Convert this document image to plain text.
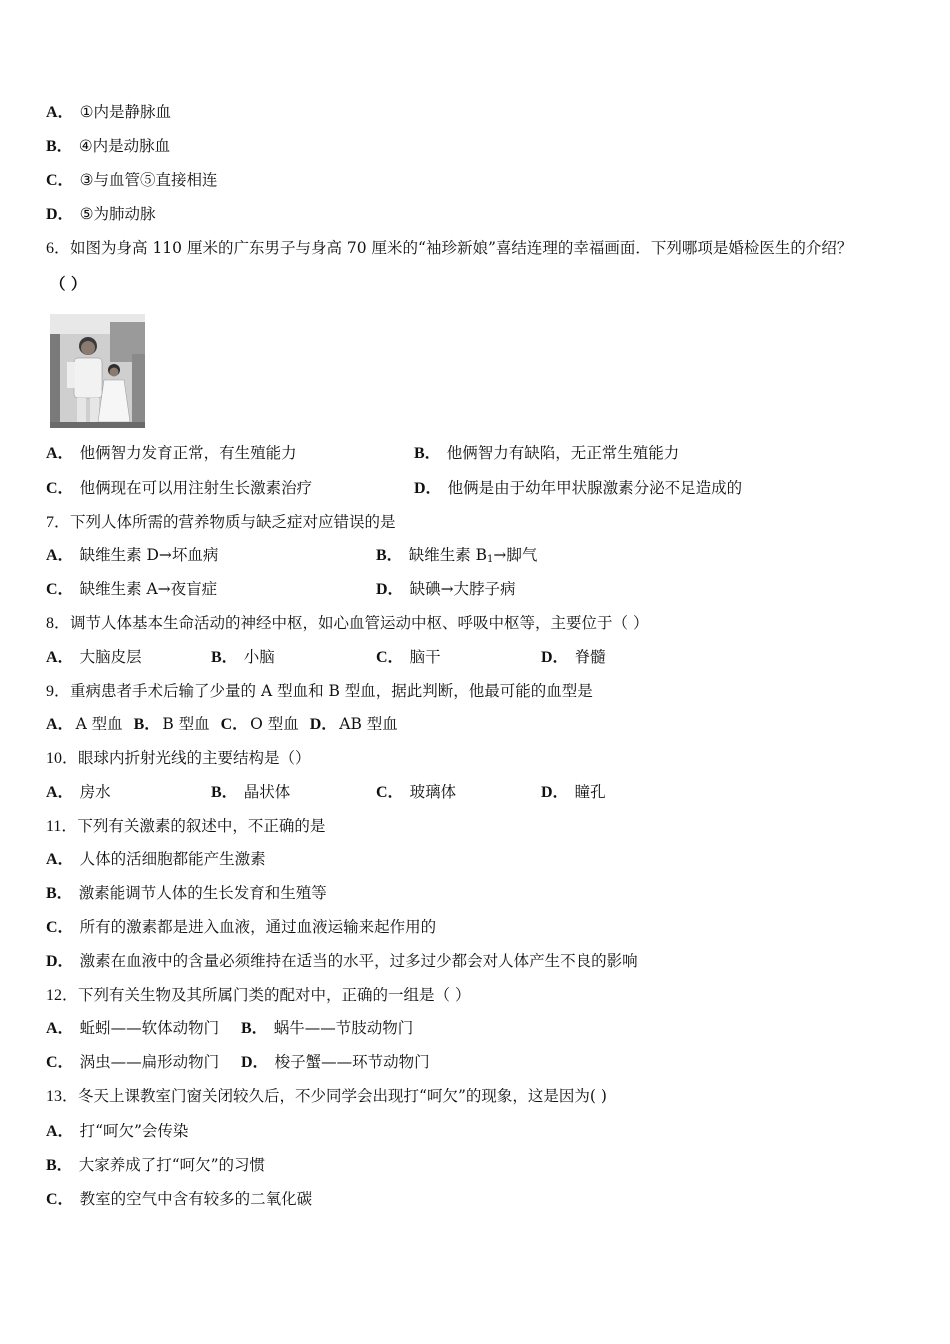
A． ①内是静脉血
B． ④内是动脉血
C． ③与血管⑤直接相连
D． ⑤为肺动脉
6．如图为身高 110 厘米的广东男子与身高 70 厘米的“袖珍新娘”喜结连理的幸福画面．下列哪项是婚检医生的介绍？
（ ）
A． 他俩智力发育正常，有生殖能力	B． 他俩智力有缺陷，无正常生殖能力
C． 他俩现在可以用注射生长激素治疗	D． 他俩是由于幼年甲状腺激素分泌不足造成的
7．下列人体所需的营养物质与缺乏症对应错误的是
A． 缺维生素 D→坏血病	B． 缺维生素 $B_1\to$脚气
C． 缺维生素 A→夜盲症	D． 缺碘→大脖子病
8．调节人体基本生命活动的神经中枢，如心血管运动中枢、呼吸中枢等，主要位于（ ）
A． 大脑皮层	B． 小脑	C． 脑干	D． 脊髓
9．重病患者手术后输了少量的 A 型血和 B 型血，据此判断，他最可能的血型是
A． A 型血 B． B 型血 C． O 型血 D． AB 型血
10．眼球内折射光线的主要结构是（）
A． 房水	B． 晶状体	C． 玻璃体	D． 瞳孔
11．下列有关激素的叙述中，不正确的是
A． 人体的活细胞都能产生激素
B． 激素能调节人体的生长发育和生殖等
C． 所有的激素都是进入血液，通过血液运输来起作用的
D． 激素在血液中的含量必须维持在适当的水平，过多过少都会对人体产生不良的影响
12．下列有关生物及其所属门类的配对中，正确的一组是（ ）
A． 蚯蚓——软体动物门 B． 蜗牛——节肢动物门
C． 涡虫——扁形动物门 D． 梭子蟹——环节动物门
13．冬天上课教室门窗关闭较久后，不少同学会出现打“呵欠”的现象，这是因为( )
A． 打“呵欠”会传染
B． 大家养成了打“呵欠”的习惯
C． 教室的空气中含有较多的二氧化碳
